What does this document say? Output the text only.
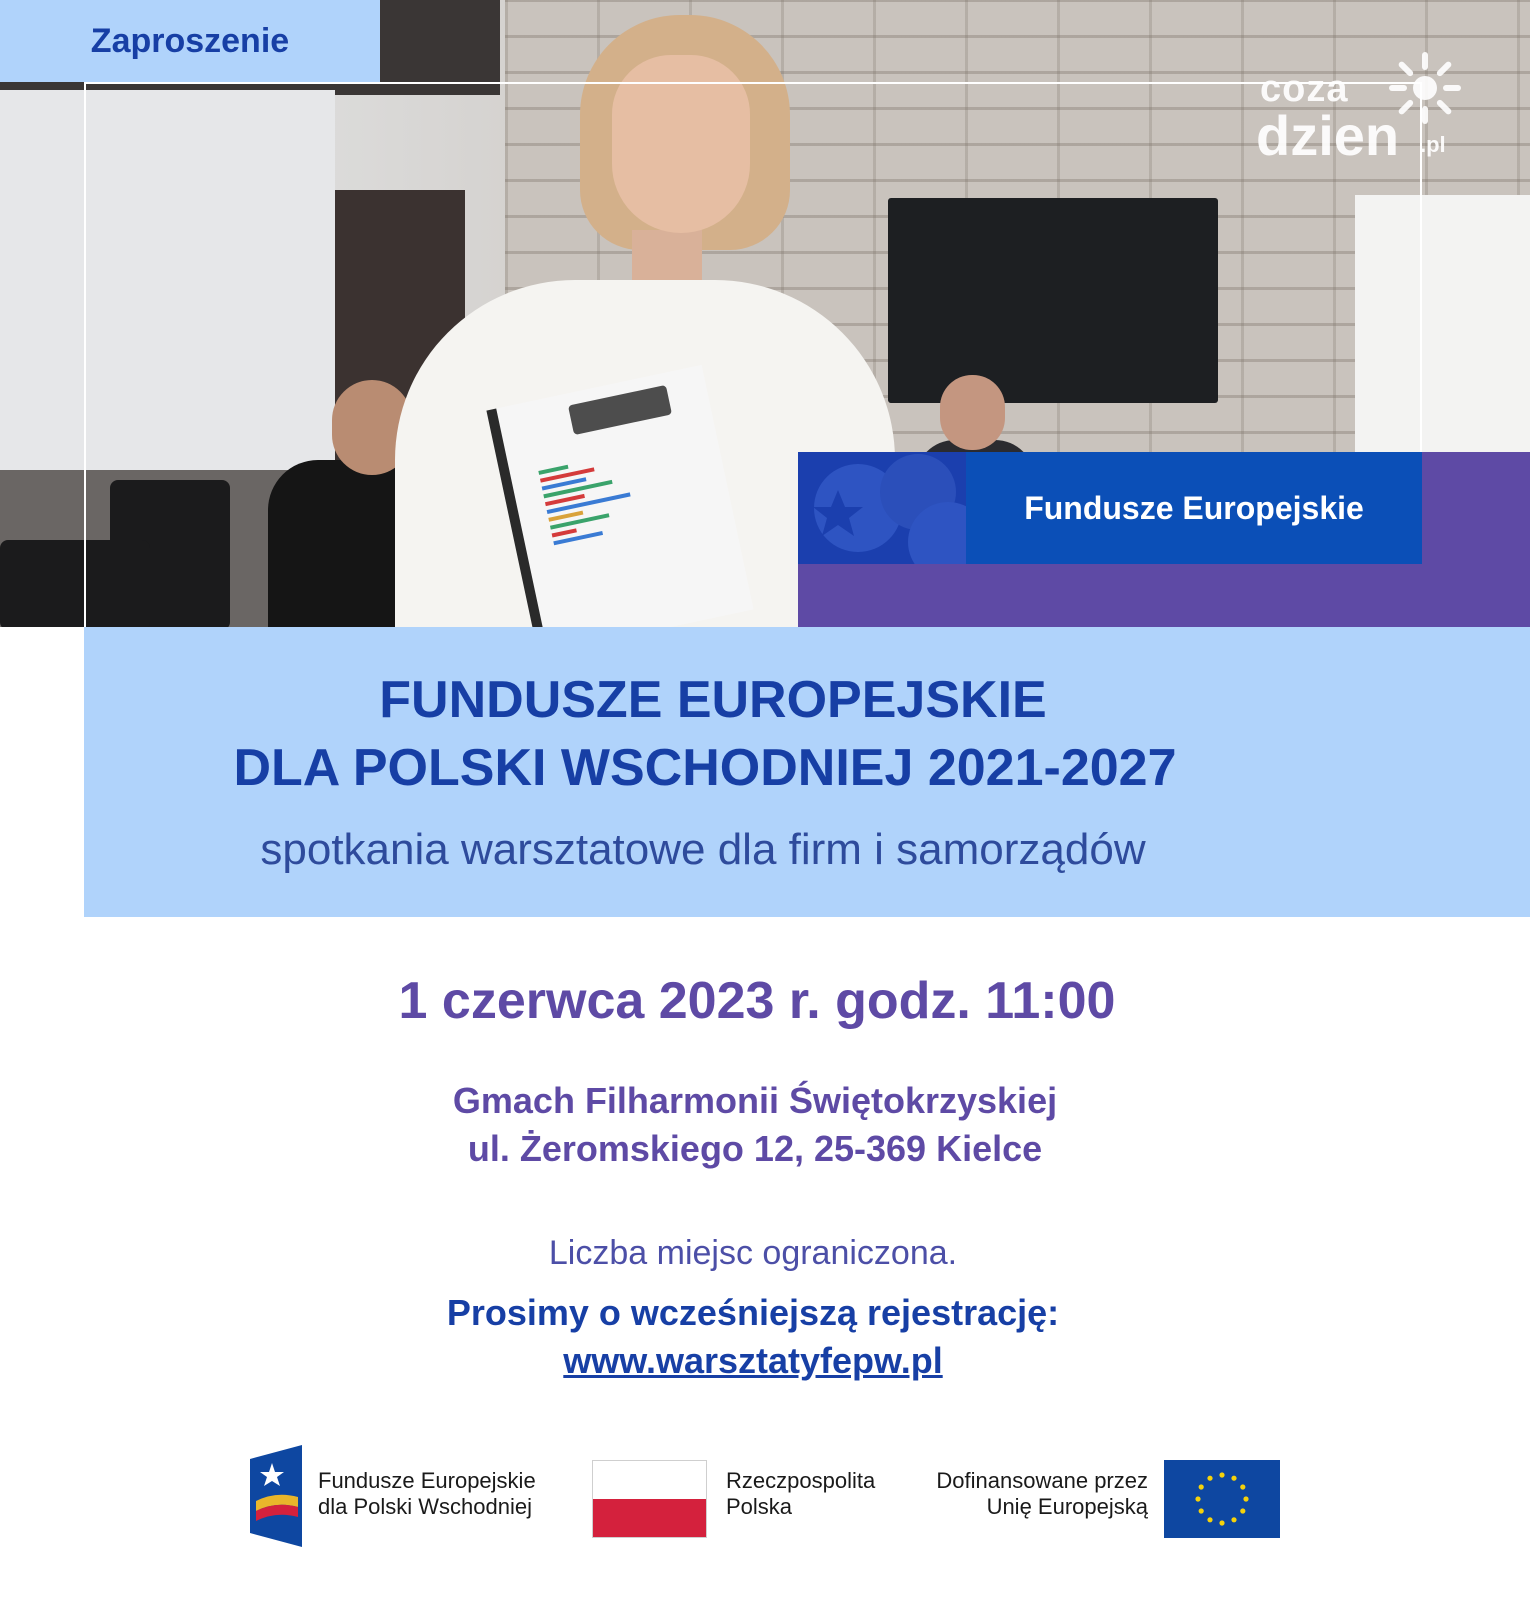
Zaproszenie
coza
dzien .pl
Fundusze Europejskie
FUNDUSZE EUROPEJSKIE
DLA POLSKI WSCHODNIEJ 2021-2027
spotkania warsztatowe dla firm i samorządów
1 czerwca 2023 r. godz. 11:00
Gmach Filharmonii Świętokrzyskiej
ul. Żeromskiego 12, 25-369 Kielce
Liczba miejsc ograniczona.
Prosimy o wcześniejszą rejestrację:
www.warsztatyfepw.pl
Fundusze Europejskie
dla Polski Wschodniej
Rzeczpospolita
Polska
Dofinansowane przez
Unię Europejską
